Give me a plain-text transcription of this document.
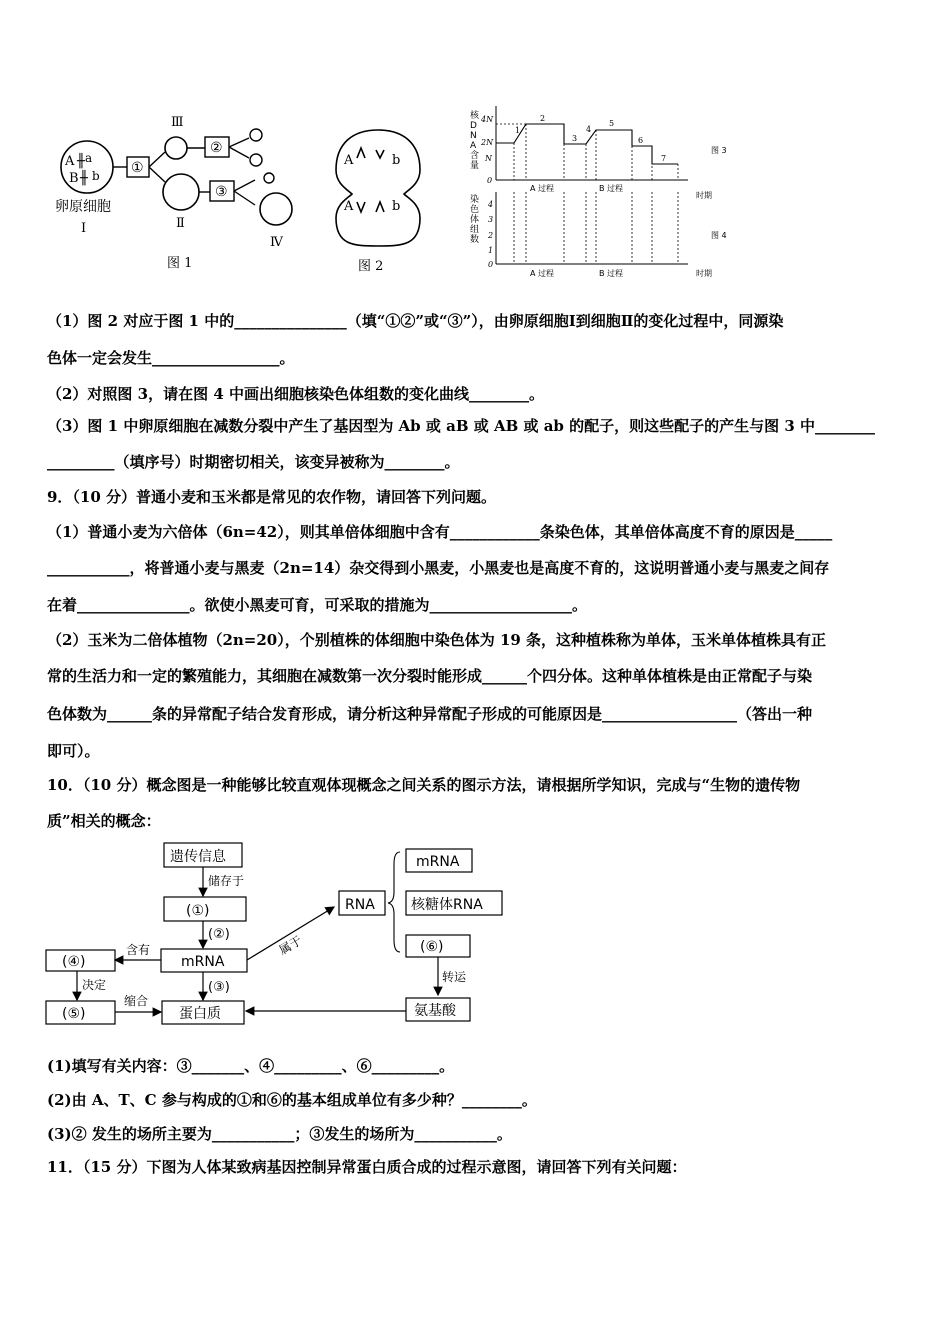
A ╫ a
B ╫ b ①
Ⅲ
Ⅱ
②
③
Ⅳ
卵原细胞
Ⅰ
图 1
A	b
A	b
图 2
核 D N A 含量
4N
2N
N
0
1
2
3
4
5
6
7
A 过程	B 过程
时期
图 3
染色体组数
4
3
2
1
0
A 过程	B 过程	时期
图 4
（1）图 2 对应于图 1 中的_______________（填“①②”或“③”），由卵原细胞Ⅰ到细胞Ⅱ的变化过程中，同源染
色体一定会发生_________________。
（2）对照图 3，请在图 4 中画出细胞核染色体组数的变化曲线________。
（3）图 1 中卵原细胞在减数分裂中产生了基因型为 Ab 或 aB 或 AB 或 ab 的配子，则这些配子的产生与图 3 中________
_________（填序号）时期密切相关，该变异被称为________。
9．（10 分）普通小麦和玉米都是常见的农作物，请回答下列问题。
（1）普通小麦为六倍体（6n=42），则其单倍体细胞中含有____________条染色体，其单倍体高度不育的原因是_____
___________，将普通小麦与黑麦（2n=14）杂交得到小黑麦，小黑麦也是高度不育的，这说明普通小麦与黑麦之间存
在着_______________。欲使小黑麦可育，可采取的措施为___________________。
（2）玉米为二倍体植物（2n=20），个别植株的体细胞中染色体为 19 条，这种植株称为单体，玉米单体植株具有正
常的生活力和一定的繁殖能力，其细胞在减数第一次分裂时能形成______个四分体。这种单体植株是由正常配子与染
色体数为______条的异常配子结合发育形成，请分析这种异常配子形成的可能原因是__________________（答出一种
即可）。
10．（10 分）概念图是一种能够比较直观体现概念之间关系的图示方法，请根据所学知识，完成与“生物的遗传物
质”相关的概念：
遗传信息
储存于
(①)
(②)
mRNA
含有
(④)
决定
(⑤)
缩合
(③)
蛋白质
属于
RNA
mRNA
核糖体RNA
(⑥)
转运
氨基酸
(1)填写有关内容：③_______、④_________、⑥_________。
(2)由 A、T、C 参与构成的①和⑥的基本组成单位有多少种？________。
(3)② 发生的场所主要为___________；③发生的场所为___________。
11．（15 分）下图为人体某致病基因控制异常蛋白质合成的过程示意图，请回答下列有关问题：
